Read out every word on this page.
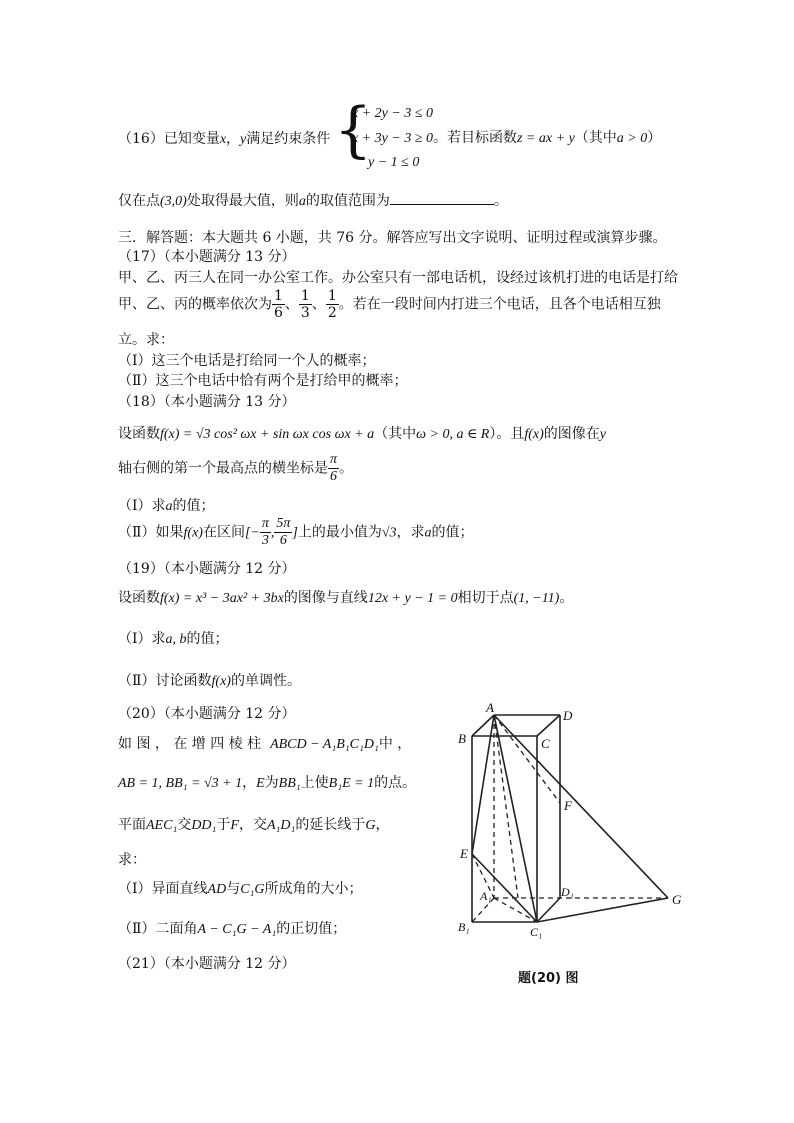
（16）已知变量x，y满足约束条件 {
x + 2y − 3 ≤ 0
x + 3y − 3 ≥ 0。若目标函数z = ax + y（其中a > 0）
y − 1 ≤ 0
仅在点(3,0)处取得最大值，则a的取值范围为	。
三．解答题：本大题共 6 小题，共 76 分。解答应写出文字说明、证明过程或演算步骤。
（17）（本小题满分 13 分）
甲、乙、丙三人在同一办公室工作。办公室只有一部电话机，设经过该机打进的电话是打给
甲、乙、丙的概率依次为 $\frac{1}{6}$ 、 $\frac{1}{3}$ 、 $\frac{1}{2}$ 。若在一段时间内打进三个电话，且各个电话相互独
立。求：
（Ⅰ）这三个电话是打给同一个人的概率；
（Ⅱ）这三个电话中恰有两个是打给甲的概率；
（18）（本小题满分 13 分）
设函数f(x) = √3 cos² ωx + sin ωx cos ωx + a（其中ω > 0, a ∈ R）。且f(x)的图像在y
轴右侧的第一个最高点的横坐标是 $\frac{\pi}{6}$ 。
（Ⅰ）求a的值；
（Ⅱ）如果f(x)在区间[− $\frac{\pi}{3}$ , $\frac{5\pi}{6}$ ]上的最小值为√3，求a的值；
（19）（本小题满分 12 分）
设函数f(x) = x³ − 3ax² + 3bx的图像与直线12x + y − 1 = 0相切于点(1, −11)。
（Ⅰ）求a, b的值；
（Ⅱ）讨论函数f(x)的单调性。
（20）（本小题满分 12 分）
如 图 ， 在 增 四 棱 柱 ABCD − A₁B₁C₁D₁中 ，
AB = 1, BB₁ = √3 + 1，E为BB₁上使B₁E = 1的点。
平面AEC₁交DD₁于F，交A₁D₁的延长线于G，
求：
（Ⅰ）异面直线AD与C₁G所成角的大小；
（Ⅱ）二面角A − C₁G − A₁的正切值；
（21）（本小题满分 12 分）
A
D
B	C
F
E
A₁	D₁	G
B₁	C₁
题(20) 图
